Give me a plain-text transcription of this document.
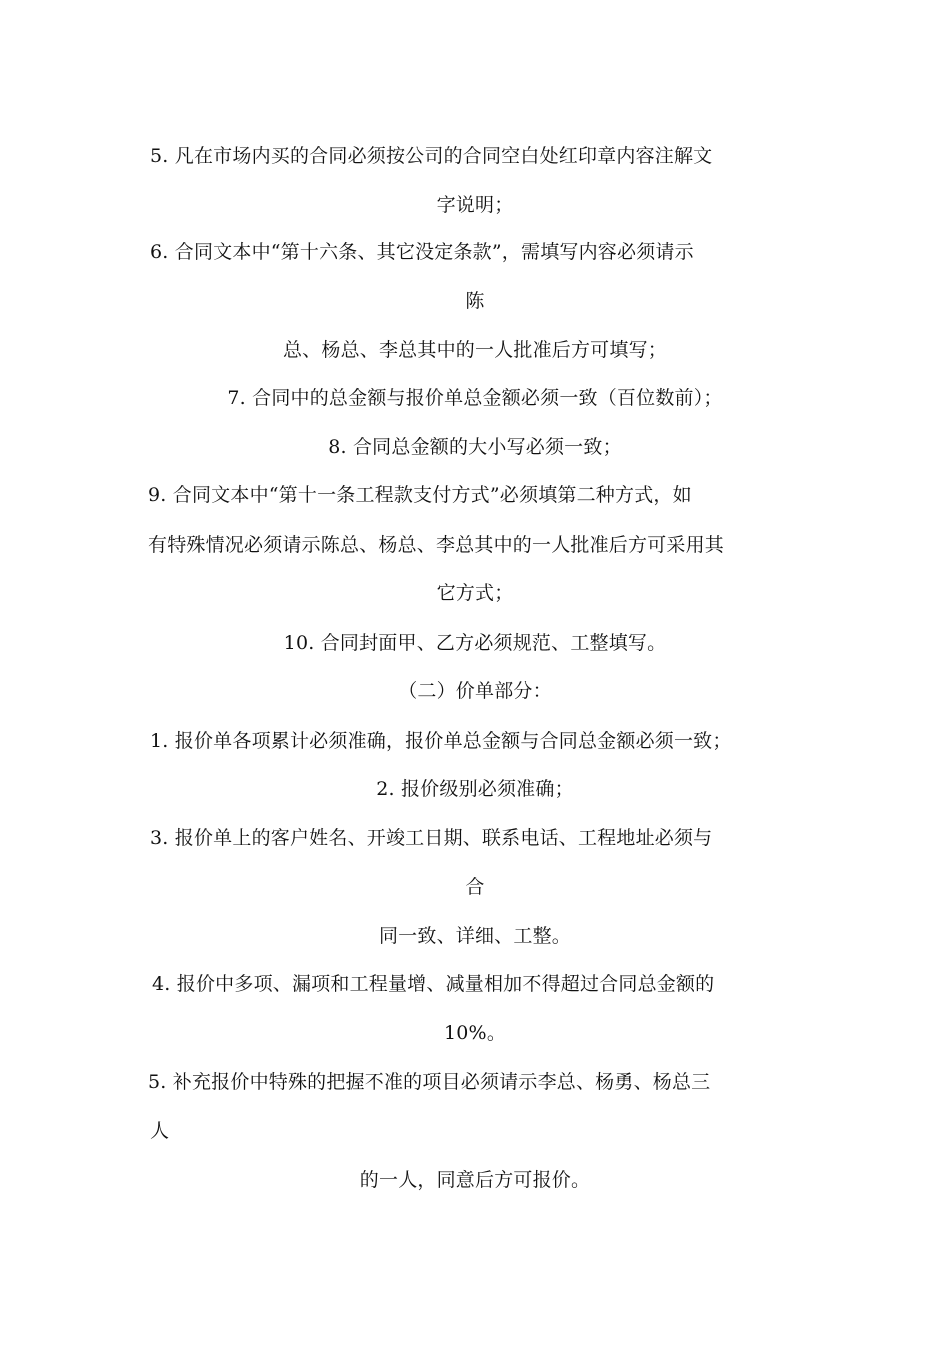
5. 凡在市场内买的合同必须按公司的合同空白处红印章内容注解文
字说明；
6. 合同文本中“第十六条、其它没定条款”，需填写内容必须请示
陈
总、杨总、李总其中的一人批准后方可填写；
7. 合同中的总金额与报价单总金额必须一致（百位数前）；
8. 合同总金额的大小写必须一致；
9. 合同文本中“第十一条工程款支付方式”必须填第二种方式，如
有特殊情况必须请示陈总、杨总、李总其中的一人批准后方可采用其
它方式；
10. 合同封面甲、乙方必须规范、工整填写。
（二）价单部分：
1. 报价单各项累计必须准确，报价单总金额与合同总金额必须一致；
2. 报价级别必须准确；
3. 报价单上的客户姓名、开竣工日期、联系电话、工程地址必须与
合
同一致、详细、工整。
4. 报价中多项、漏项和工程量增、减量相加不得超过合同总金额的
10%。
5. 补充报价中特殊的把握不准的项目必须请示李总、杨勇、杨总三
人
的一人，同意后方可报价。
